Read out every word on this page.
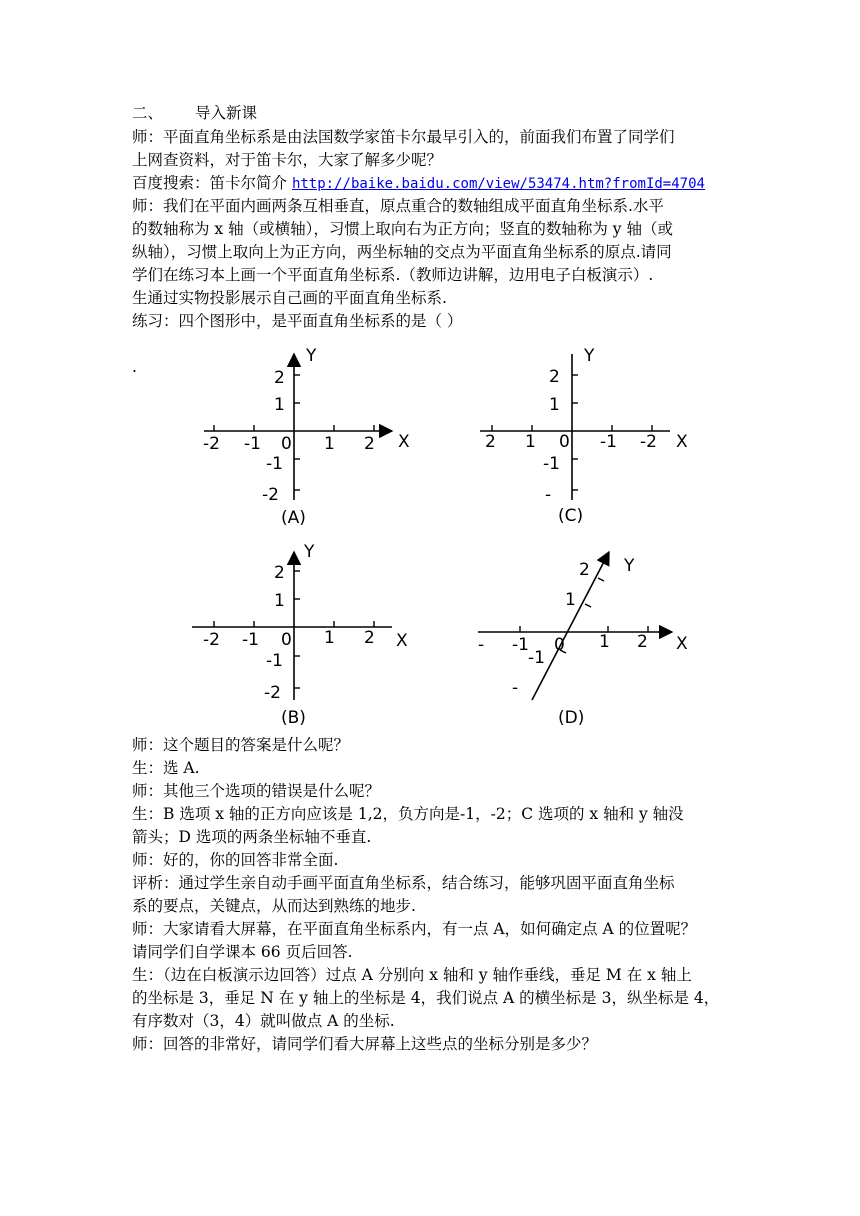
二、 导入新课
师：平面直角坐标系是由法国数学家笛卡尔最早引入的，前面我们布置了同学们
上网查资料，对于笛卡尔，大家了解多少呢？
百度搜索：笛卡尔简介 http://baike.baidu.com/view/53474.htm?fromId=4704
师：我们在平面内画两条互相垂直，原点重合的数轴组成平面直角坐标系.水平
的数轴称为 x 轴（或横轴），习惯上取向右为正方向；竖直的数轴称为 y 轴（或
纵轴），习惯上取向上为正方向，两坐标轴的交点为平面直角坐标系的原点.请同
学们在练习本上画一个平面直角坐标系.（教师边讲解，边用电子白板演示）.
生通过实物投影展示自己画的平面直角坐标系.
练习：四个图形中，是平面直角坐标系的是（ ）
.
X
Y
-2 -1 0 1 2
2
1
-1
-2
(A)
X
Y
2 1 0 -1 -2
2
1
-1
-
(C)
X
Y
-2 -1 0 1 2
2
1
-1
-2
(B)
X
Y
- -1 0 1 2
2
1
-1
-
(D)
师：这个题目的答案是什么呢？
生：选 A.
师：其他三个选项的错误是什么呢？
生：B 选项 x 轴的正方向应该是 1,2，负方向是-1，-2；C 选项的 x 轴和 y 轴没
箭头；D 选项的两条坐标轴不垂直.
师：好的，你的回答非常全面.
评析：通过学生亲自动手画平面直角坐标系，结合练习，能够巩固平面直角坐标
系的要点，关键点，从而达到熟练的地步.
师：大家请看大屏幕，在平面直角坐标系内，有一点 A，如何确定点 A 的位置呢？
请同学们自学课本 66 页后回答.
生：（边在白板演示边回答）过点 A 分别向 x 轴和 y 轴作垂线，垂足 M 在 x 轴上
的坐标是 3，垂足 N 在 y 轴上的坐标是 4，我们说点 A 的横坐标是 3，纵坐标是 4，
有序数对（3，4）就叫做点 A 的坐标.
师：回答的非常好，请同学们看大屏幕上这些点的坐标分别是多少？
